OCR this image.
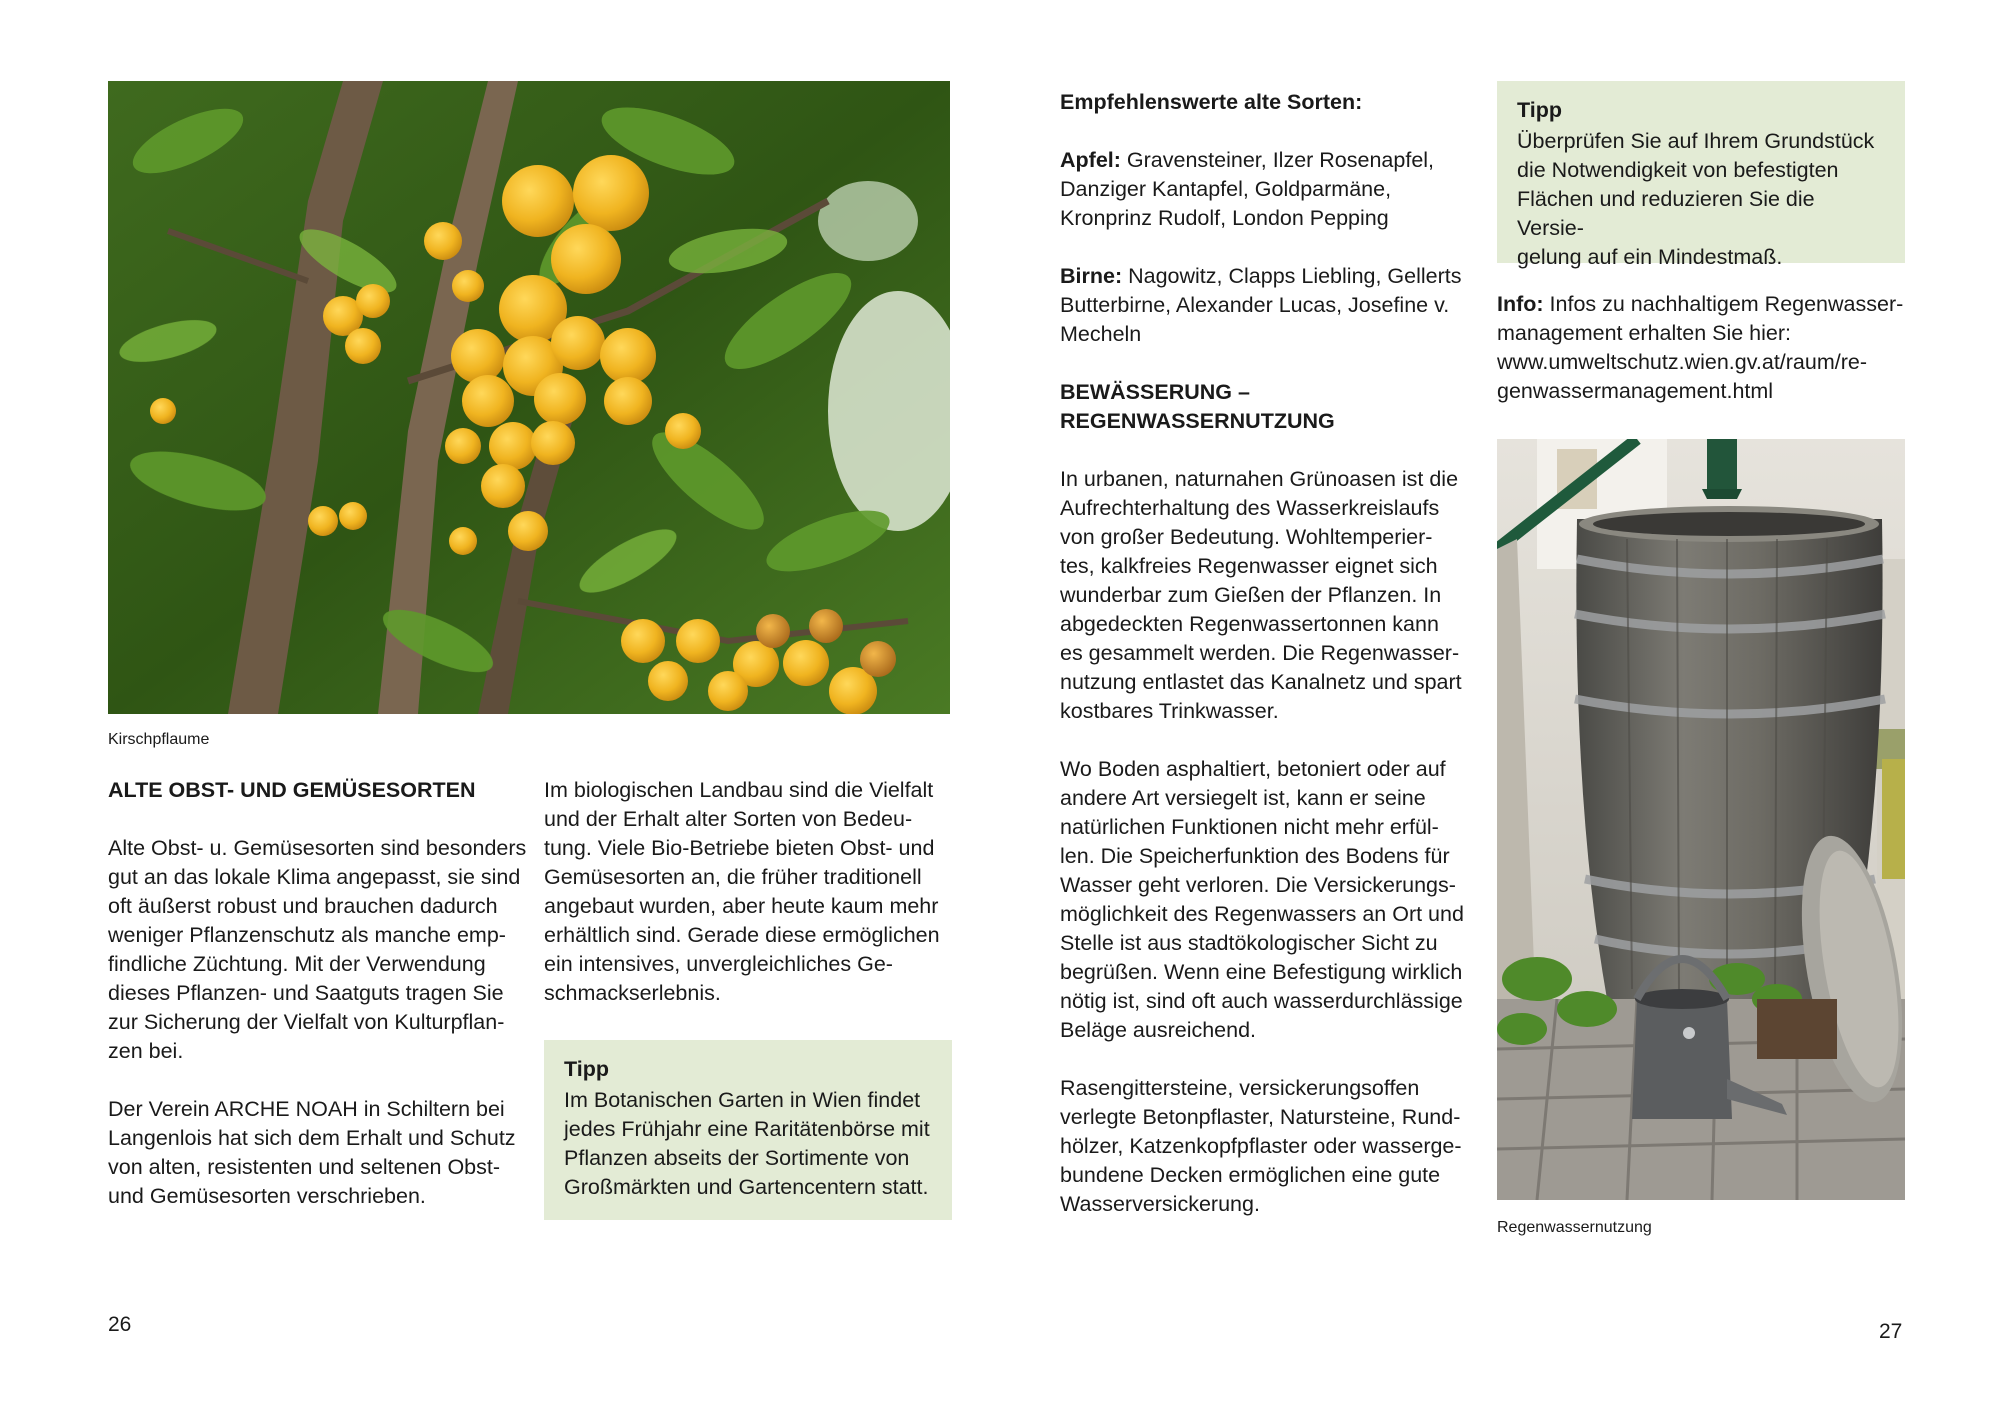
Kirschpflaume

ALTE OBST- UND GEMÜSESORTEN

Alte Obst- u. Gemüsesorten sind besonders
gut an das lokale Klima angepasst, sie sind
oft äußerst robust und brauchen dadurch
weniger Pflanzenschutz als manche emp-
findliche Züchtung. Mit der Verwendung
dieses Pflanzen- und Saatguts tragen Sie
zur Sicherung der Vielfalt von Kulturpflan-
zen bei.

Der Verein ARCHE NOAH in Schiltern bei
Langenlois hat sich dem Erhalt und Schutz
von alten, resistenten und seltenen Obst-
und Gemüsesorten verschrieben.

Im biologischen Landbau sind die Vielfalt
und der Erhalt alter Sorten von Bedeu-
tung. Viele Bio-Betriebe bieten Obst- und
Gemüsesorten an, die früher traditionell
angebaut wurden, aber heute kaum mehr
erhältlich sind. Gerade diese ermöglichen
ein intensives, unvergleichliches Ge-
schmackserlebnis.

Tipp

Im Botanischen Garten in Wien findet
jedes Frühjahr eine Raritätenbörse mit
Pflanzen abseits der Sortimente von
Großmärkten und Gartencentern statt.

26

Empfehlenswerte alte Sorten:

Apfel: Gravensteiner, Ilzer Rosenapfel,
Danziger Kantapfel, Goldparmäne,
Kronprinz Rudolf, London Pepping

Birne: Nagowitz, Clapps Liebling, Gellerts
Butterbirne, Alexander Lucas, Josefine v.
Mecheln

BEWÄSSERUNG –
REGENWASSERNUTZUNG

In urbanen, naturnahen Grünoasen ist die
Aufrechterhaltung des Wasserkreislaufs
von großer Bedeutung. Wohltemperier-
tes, kalkfreies Regenwasser eignet sich
wunderbar zum Gießen der Pflanzen. In
abgedeckten Regenwassertonnen kann
es gesammelt werden. Die Regenwasser-
nutzung entlastet das Kanalnetz und spart
kostbares Trinkwasser.

Wo Boden asphaltiert, betoniert oder auf
andere Art versiegelt ist, kann er seine
natürlichen Funktionen nicht mehr erfül-
len. Die Speicherfunktion des Bodens für
Wasser geht verloren. Die Versickerungs-
möglichkeit des Regenwassers an Ort und
Stelle ist aus stadtökologischer Sicht zu
begrüßen. Wenn eine Befestigung wirklich
nötig ist, sind oft auch wasserdurchlässige
Beläge ausreichend.

Rasengittersteine, versickerungsoffen
verlegte Betonpflaster, Natursteine, Rund-
hölzer, Katzenkopfpflaster oder wasserge-
bundene Decken ermöglichen eine gute
Wasserversickerung.

Tipp

Überprüfen Sie auf Ihrem Grundstück
die Notwendigkeit von befestigten
Flächen und reduzieren Sie die Versie-
gelung auf ein Mindestmaß.

Info: Infos zu nachhaltigem Regenwasser-
management erhalten Sie hier:
www.umweltschutz.wien.gv.at/raum/re-
genwassermanagement.html

Regenwassernutzung
27
